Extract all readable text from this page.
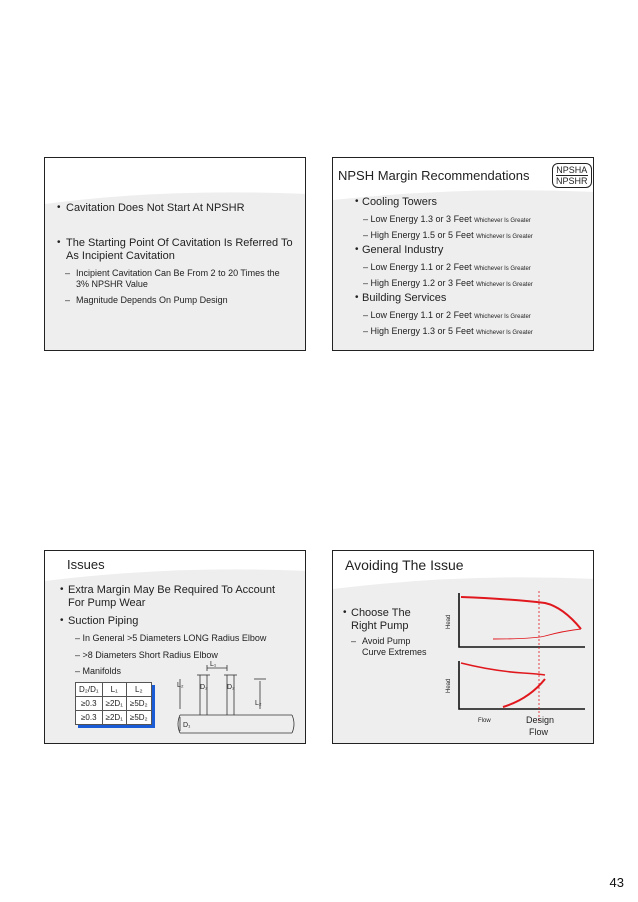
• Cavitation Does Not Start At NPSHR
• The Starting Point Of Cavitation Is Referred To As Incipient Cavitation
– Incipient Cavitation Can Be From 2 to 20 Times the 3% NPSHR Value
– Magnitude Depends On Pump Design
NPSH Margin Recommendations	NPSHA
NPSHR
• Cooling Towers
– Low Energy 1.3 or 3 Feet Whichever Is Greater
– High Energy 1.5 or 5 Feet Whichever Is Greater
• General Industry
– Low Energy 1.1 or 2 Feet Whichever Is Greater
– High Energy 1.2 or 3 Feet Whichever Is Greater
• Building Services
– Low Energy 1.1 or 2 Feet Whichever Is Greater
– High Energy 1.3 or 5 Feet Whichever Is Greater
Issues
• Extra Margin May Be Required To Account For Pump Wear
• Suction Piping
– In General >5 Diameters LONG Radius Elbow
– >8 Diameters Short Radius Elbow
– Manifolds
D₂/D₁	L₁	L₂
≥0.3	≥2D₁	≥5D₂
≥0.3	≥2D₁	≥5D₂
L₁
L₂ D₂	D₂
L₂
D₁
Avoiding The Issue
• Choose The Right Pump
– Avoid Pump Curve Extremes
Head
Head
Flow	Design
Flow
43
